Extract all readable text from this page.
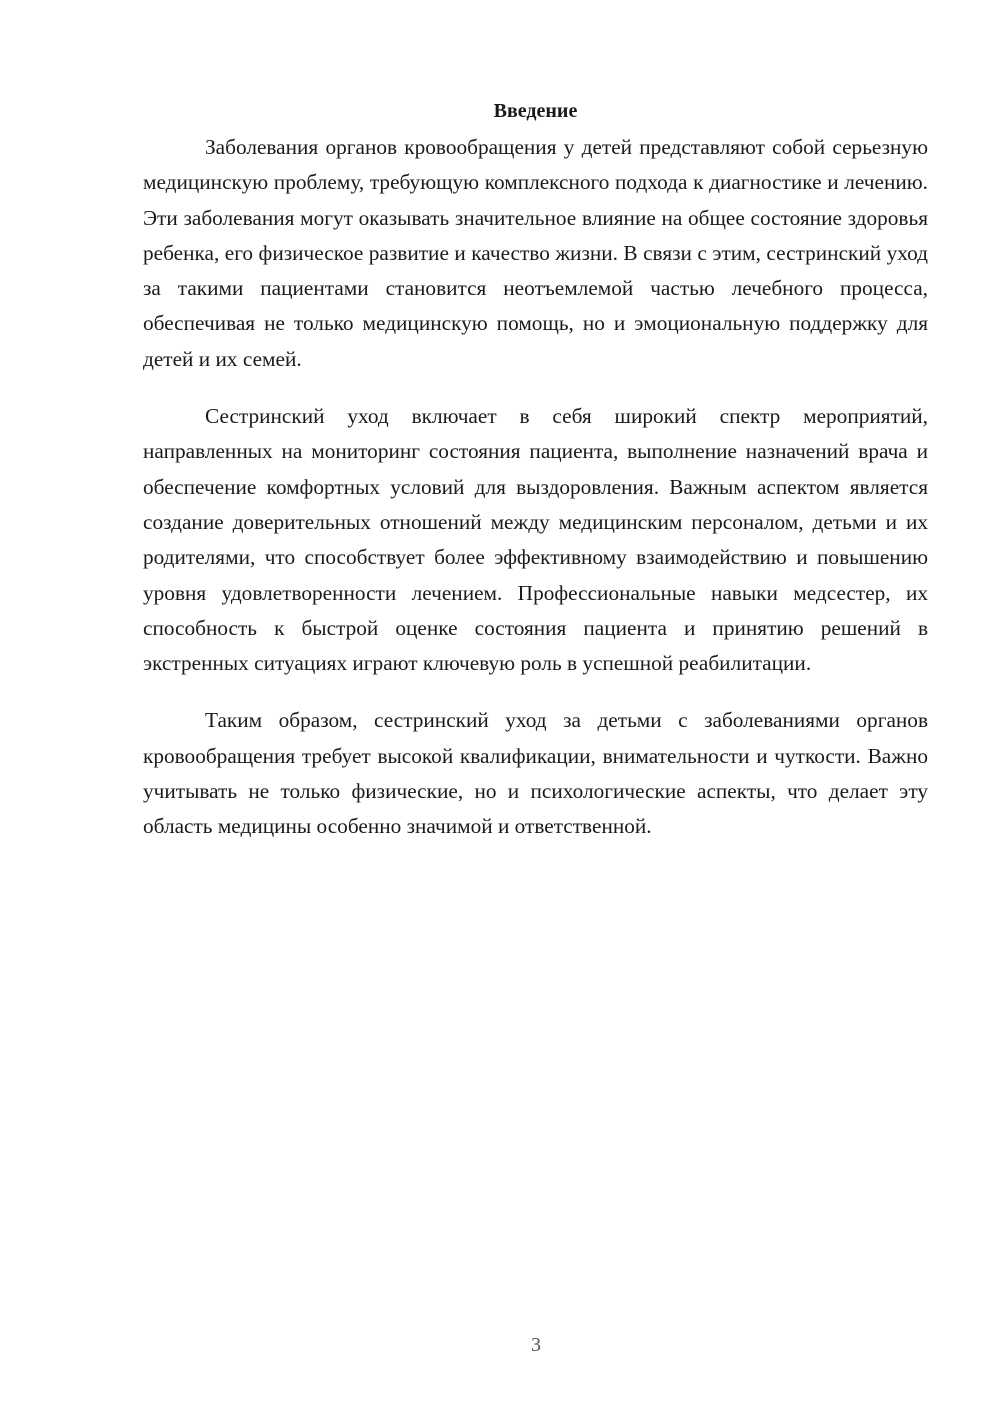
Введение

Заболевания органов кровообращения у детей представляют собой серьезную медицинскую проблему, требующую комплексного подхода к диагностике и лечению. Эти заболевания могут оказывать значительное влияние на общее состояние здоровья ребенка, его физическое развитие и качество жизни. В связи с этим, сестринский уход за такими пациентами становится неотъемлемой частью лечебного процесса, обеспечивая не только медицинскую помощь, но и эмоциональную поддержку для детей и их семей.

Сестринский уход включает в себя широкий спектр мероприятий, направленных на мониторинг состояния пациента, выполнение назначений врача и обеспечение комфортных условий для выздоровления. Важным аспектом является создание доверительных отношений между медицинским персоналом, детьми и их родителями, что способствует более эффективному взаимодействию и повышению уровня удовлетворенности лечением. Профессиональные навыки медсестер, их способность к быстрой оценке состояния пациента и принятию решений в экстренных ситуациях играют ключевую роль в успешной реабилитации.

Таким образом, сестринский уход за детьми с заболеваниями органов кровообращения требует высокой квалификации, внимательности и чуткости. Важно учитывать не только физические, но и психологические аспекты, что делает эту область медицины особенно значимой и ответственной.

3
